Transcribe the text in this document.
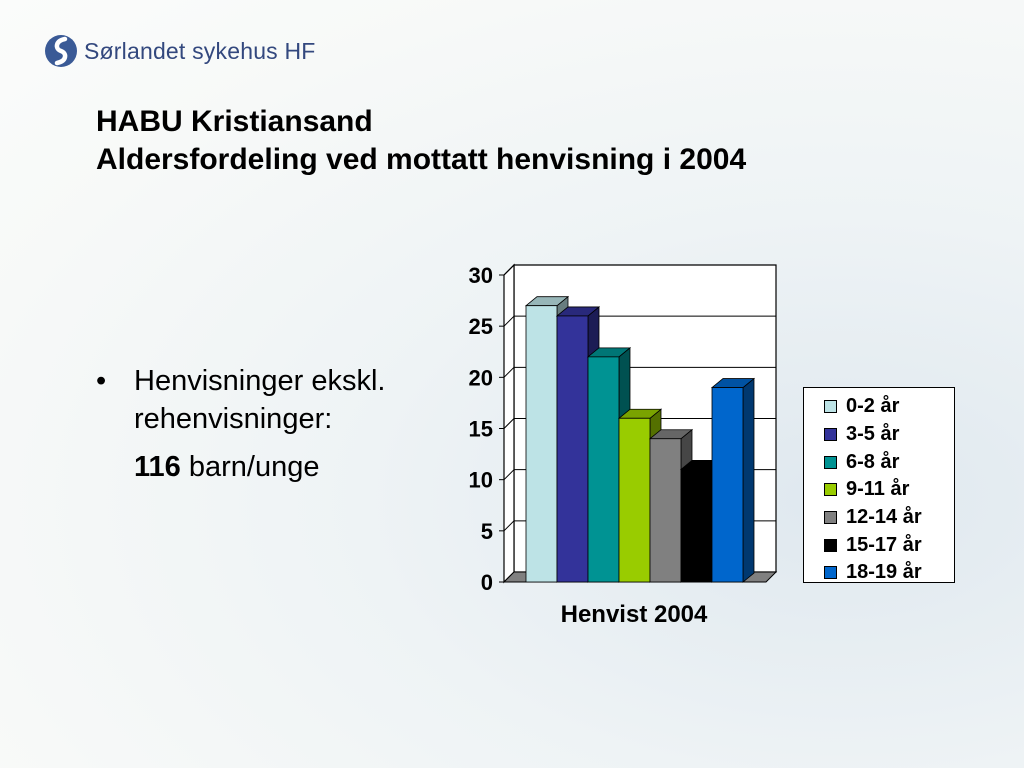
Sørlandet sykehus HF
HABU Kristiansand
Aldersfordeling ved mottatt henvisning i 2004
• Henvisninger ekskl.
rehenvisninger:
116 barn/unge
0
5
10
15
20
25
30
Henvist 2004
0-2 år
3-5 år
6-8 år
9-11 år
12-14 år
15-17 år
18-19 år
